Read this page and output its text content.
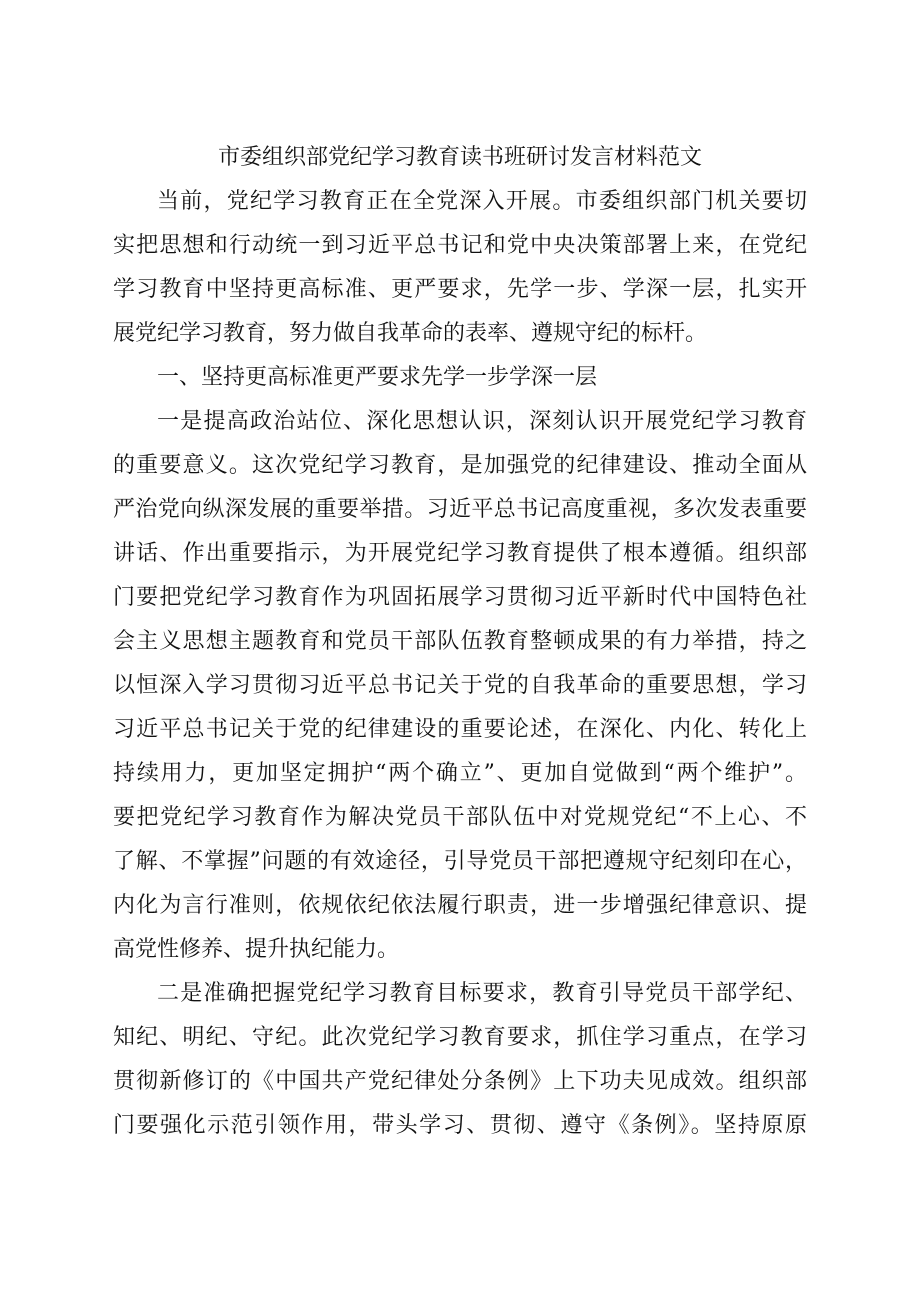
市委组织部党纪学习教育读书班研讨发言材料范文
当前，党纪学习教育正在全党深入开展。市委组织部门机关要切
实把思想和行动统一到习近平总书记和党中央决策部署上来，在党纪
学习教育中坚持更高标准、更严要求，先学一步、学深一层，扎实开
展党纪学习教育，努力做自我革命的表率、遵规守纪的标杆。
一、坚持更高标准更严要求先学一步学深一层
一是提高政治站位、深化思想认识，深刻认识开展党纪学习教育
的重要意义。这次党纪学习教育，是加强党的纪律建设、推动全面从
严治党向纵深发展的重要举措。习近平总书记高度重视，多次发表重要
讲话、作出重要指示，为开展党纪学习教育提供了根本遵循。组织部
门要把党纪学习教育作为巩固拓展学习贯彻习近平新时代中国特色社
会主义思想主题教育和党员干部队伍教育整顿成果的有力举措，持之
以恒深入学习贯彻习近平总书记关于党的自我革命的重要思想，学习
习近平总书记关于党的纪律建设的重要论述，在深化、内化、转化上
持续用力，更加坚定拥护“两个确立”、更加自觉做到“两个维护”。
要把党纪学习教育作为解决党员干部队伍中对党规党纪“不上心、不
了解、不掌握”问题的有效途径，引导党员干部把遵规守纪刻印在心，
内化为言行准则，依规依纪依法履行职责，进一步增强纪律意识、提
高党性修养、提升执纪能力。
二是准确把握党纪学习教育目标要求，教育引导党员干部学纪、
知纪、明纪、守纪。此次党纪学习教育要求，抓住学习重点，在学习
贯彻新修订的《中国共产党纪律处分条例》上下功夫见成效。组织部
门要强化示范引领作用，带头学习、贯彻、遵守《条例》。坚持原原
